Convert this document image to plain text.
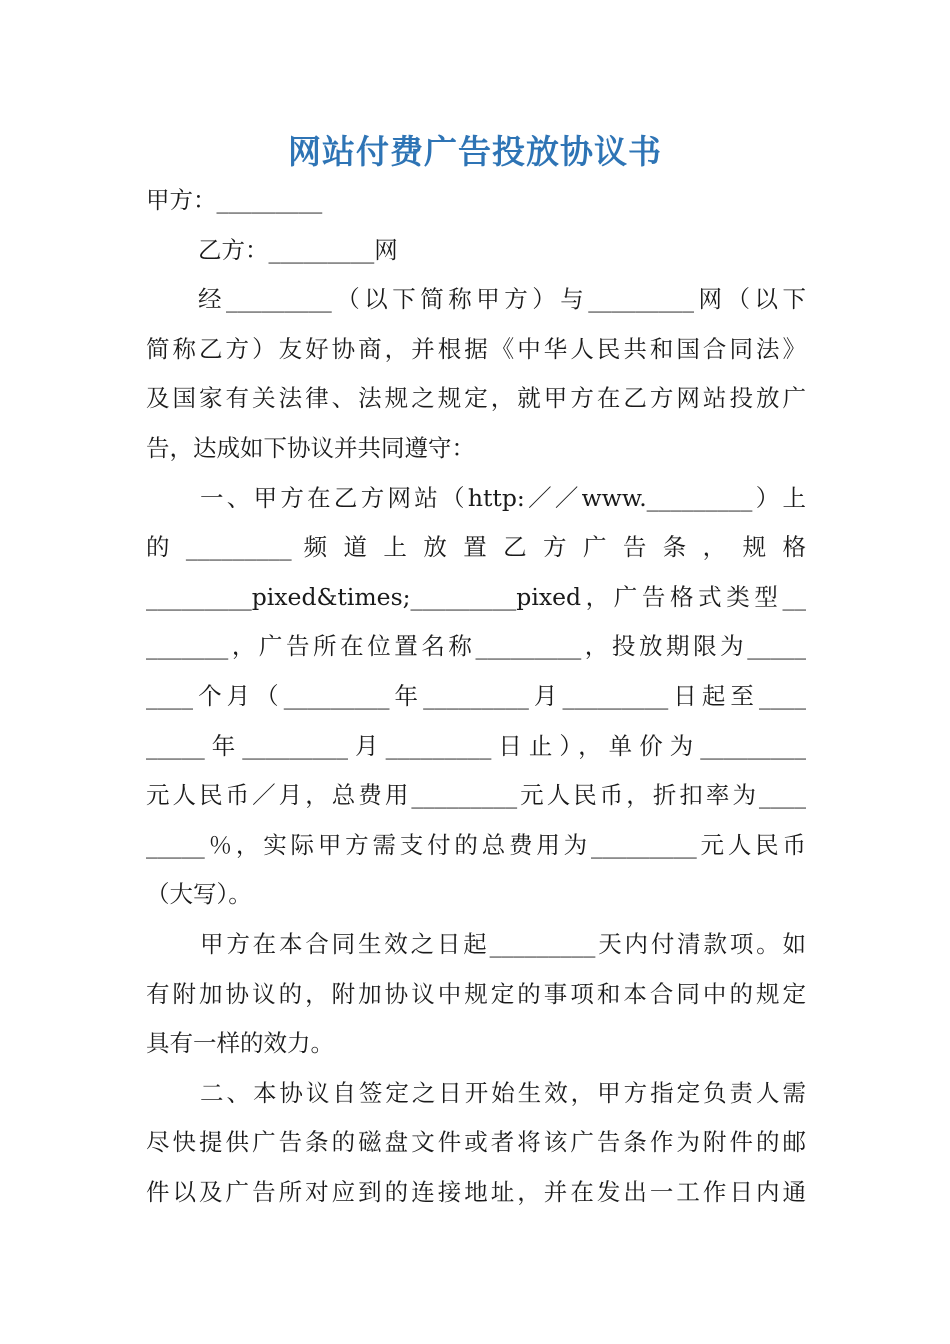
网站付费广告投放协议书
甲方：_________
乙方：_________网
经_________（以下简称甲方）与_________网（以下
简称乙方）友好协商，并根据《中华人民共和国合同法》
及国家有关法律、法规之规定，就甲方在乙方网站投放广
告，达成如下协议并共同遵守：
一、甲方在乙方网站（http:／／www._________）上
的 _________ 频 道 上 放 置 乙 方 广 告 条 ， 规 格
_________pixed&times;_________pixed，广告格式类型__
_______，广告所在位置名称_________，投放期限为_____
____个月（_________年_________月_________日起至____
_____年_________月_________日止），单价为_________
元人民币／月，总费用_________元人民币，折扣率为____
_____％，实际甲方需支付的总费用为_________元人民币
（大写）。
甲方在本合同生效之日起_________天内付清款项。如
有附加协议的，附加协议中规定的事项和本合同中的规定
具有一样的效力。
二、本协议自签定之日开始生效，甲方指定负责人需
尽快提供广告条的磁盘文件或者将该广告条作为附件的邮
件以及广告所对应到的连接地址，并在发出一工作日内通
